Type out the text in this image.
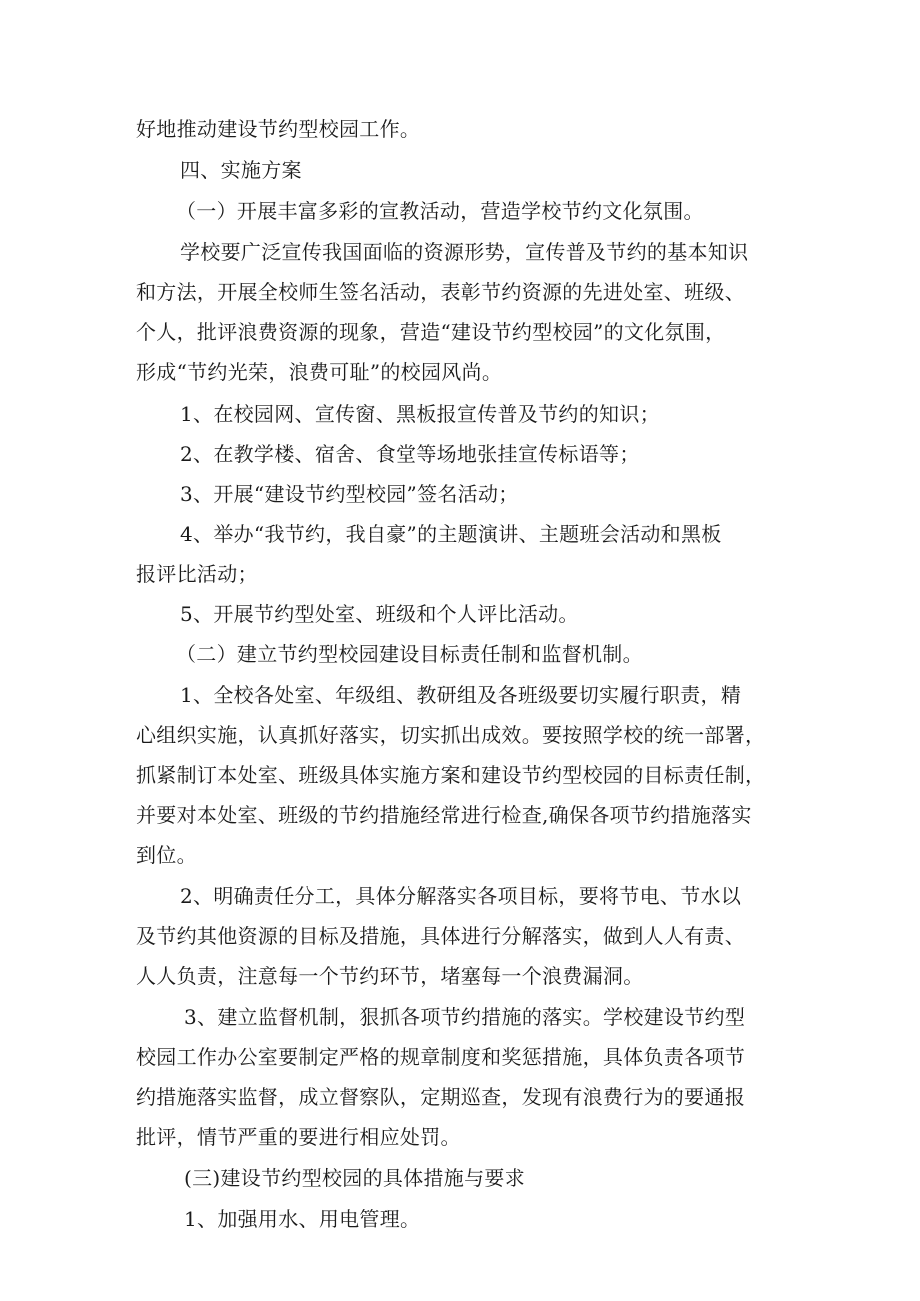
好地推动建设节约型校园工作。
四、实施方案
（一）开展丰富多彩的宣教活动，营造学校节约文化氛围。
学校要广泛宣传我国面临的资源形势，宣传普及节约的基本知识
和方法，开展全校师生签名活动，表彰节约资源的先进处室、班级、
个人，批评浪费资源的现象，营造“建设节约型校园”的文化氛围，
形成“节约光荣，浪费可耻”的校园风尚。
1、在校园网、宣传窗、黑板报宣传普及节约的知识；
2、在教学楼、宿舍、食堂等场地张挂宣传标语等；
3、开展“建设节约型校园”签名活动；
4、举办“我节约，我自豪”的主题演讲、主题班会活动和黑板
报评比活动；
5、开展节约型处室、班级和个人评比活动。
（二）建立节约型校园建设目标责任制和监督机制。
1、全校各处室、年级组、教研组及各班级要切实履行职责，精
心组织实施，认真抓好落实，切实抓出成效。要按照学校的统一部署，
抓紧制订本处室、班级具体实施方案和建设节约型校园的目标责任制，
并要对本处室、班级的节约措施经常进行检查,确保各项节约措施落实
到位。
2、明确责任分工，具体分解落实各项目标，要将节电、节水以
及节约其他资源的目标及措施，具体进行分解落实，做到人人有责、
人人负责，注意每一个节约环节，堵塞每一个浪费漏洞。
3、建立监督机制，狠抓各项节约措施的落实。学校建设节约型
校园工作办公室要制定严格的规章制度和奖惩措施，具体负责各项节
约措施落实监督，成立督察队，定期巡查，发现有浪费行为的要通报
批评，情节严重的要进行相应处罚。
(三)建设节约型校园的具体措施与要求
1、加强用水、用电管理。
